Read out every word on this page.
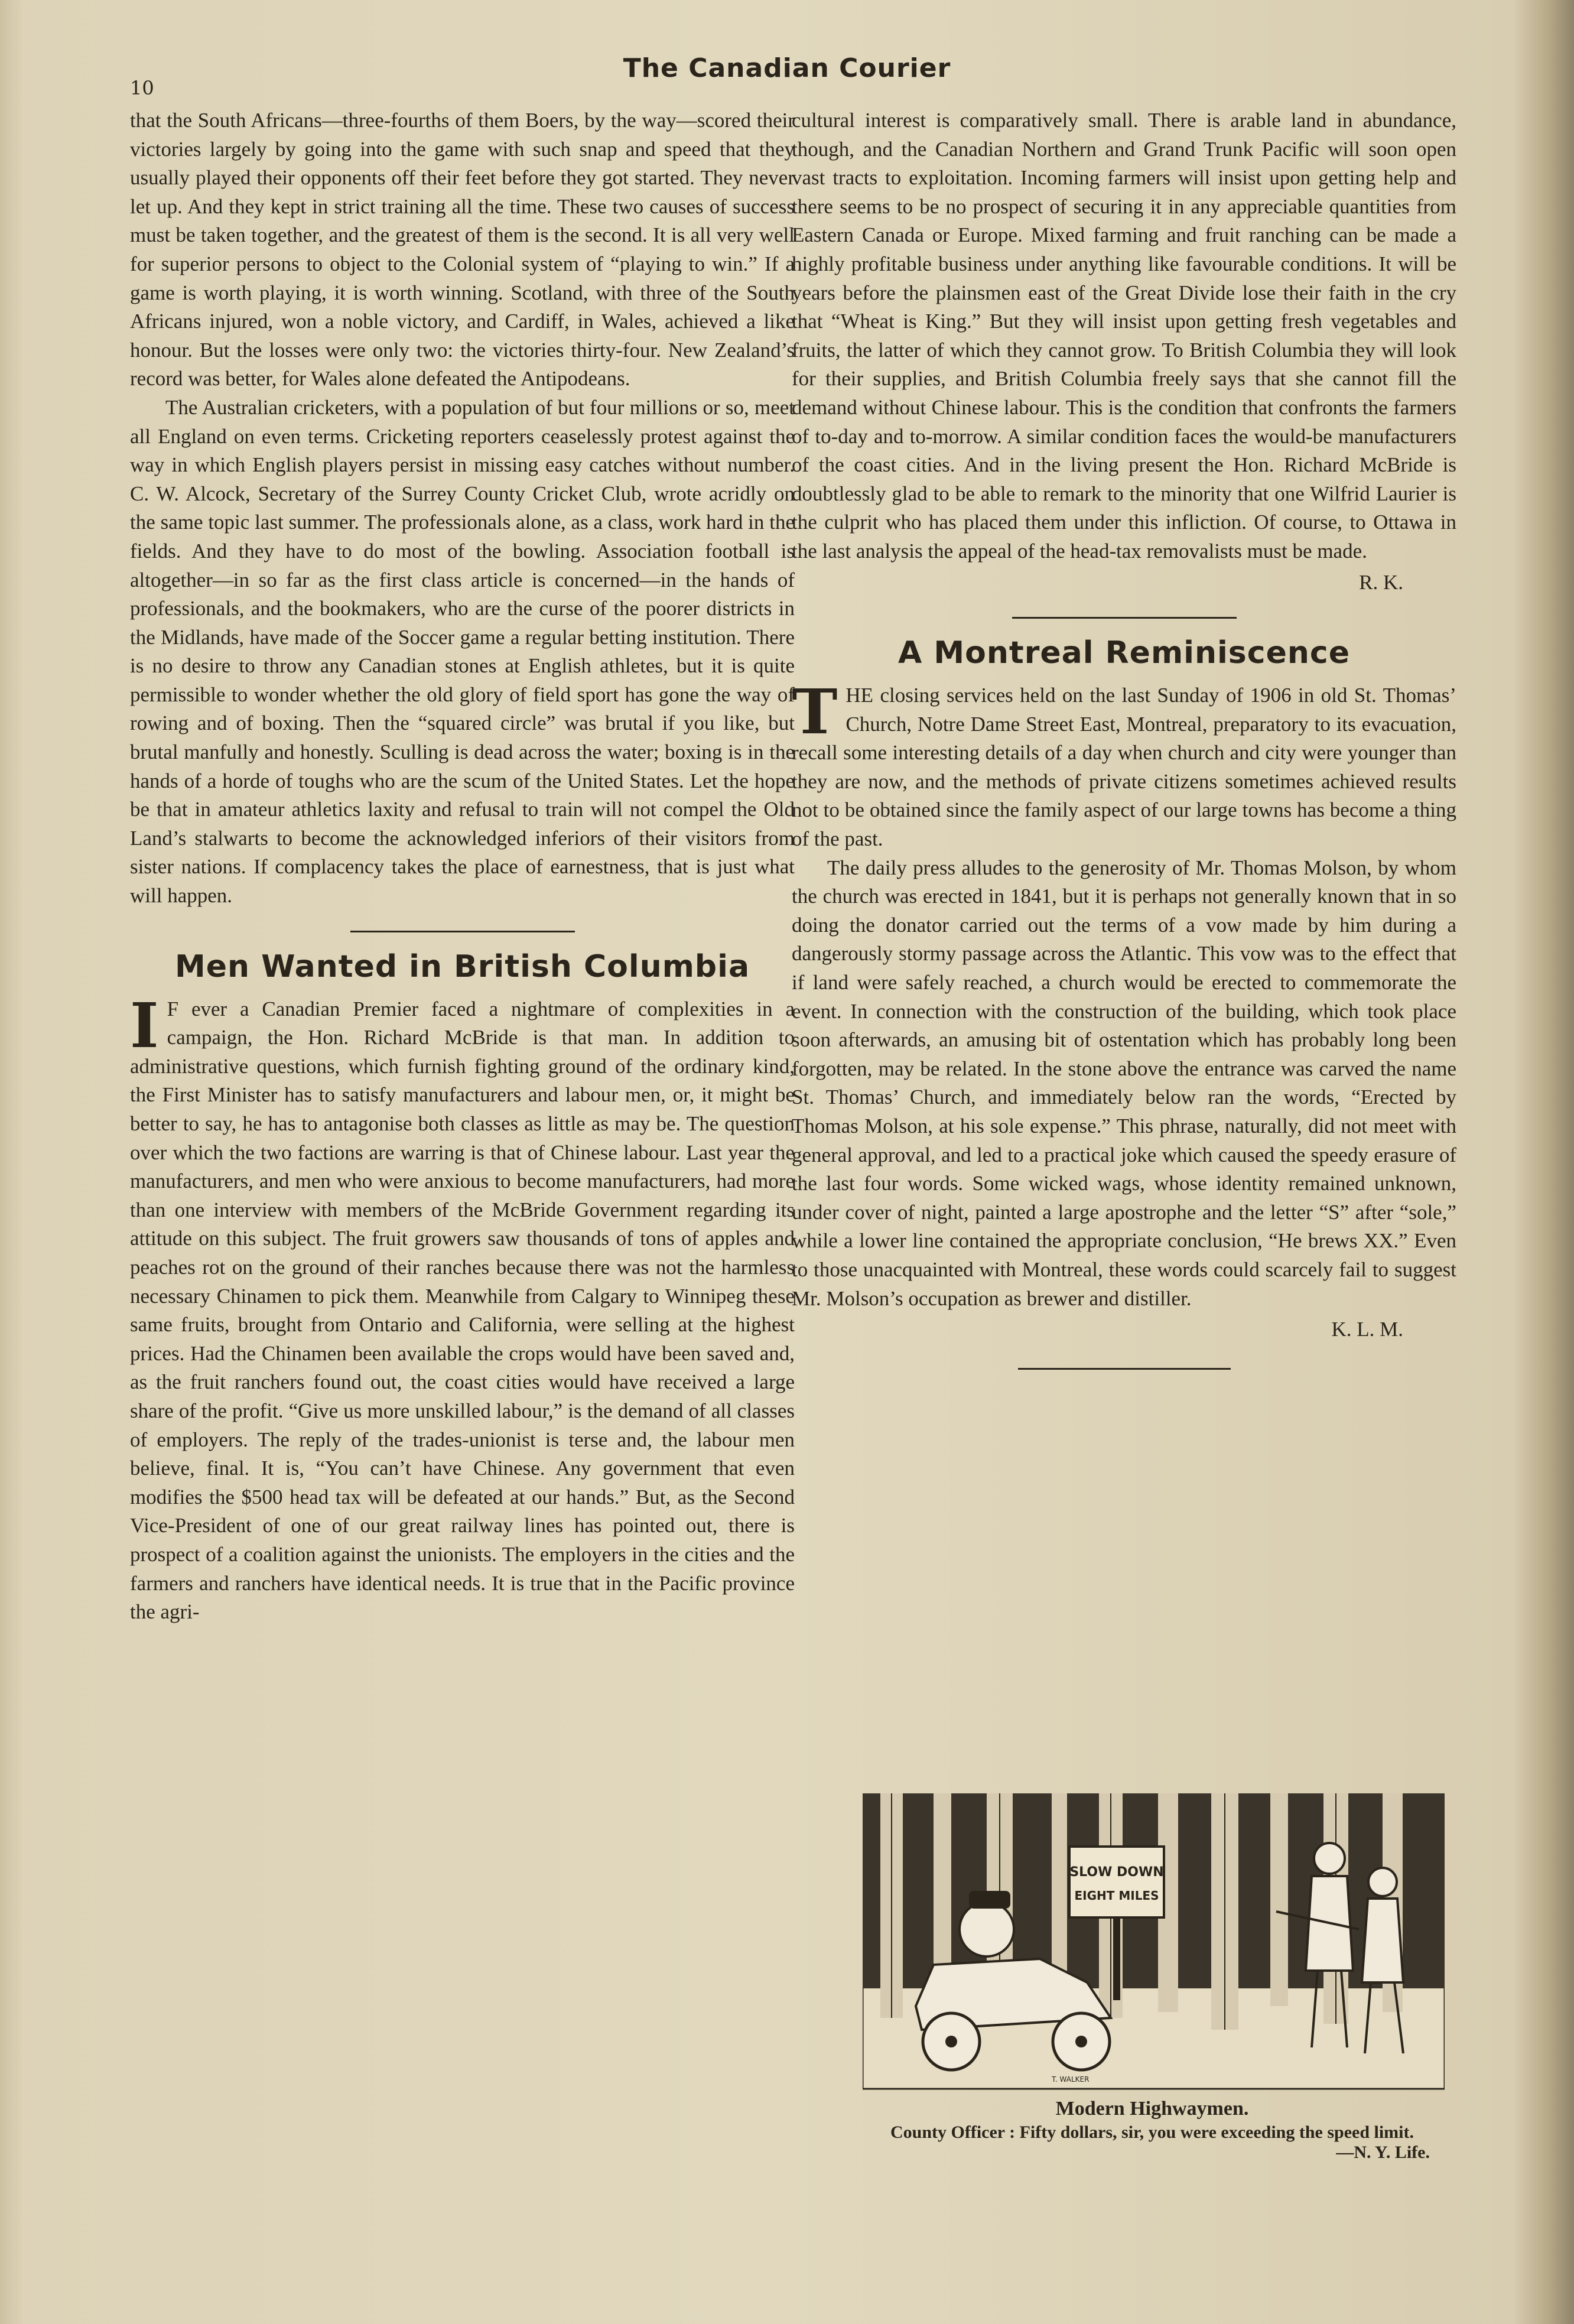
10
The Canadian Courier

that the South Africans—three-fourths of them Boers, by the way—scored their victories largely by going into the game with such snap and speed that they usually played their opponents off their feet before they got started. They never let up. And they kept in strict training all the time. These two causes of success must be taken together, and the greatest of them is the second. It is all very well for superior persons to object to the Colonial system of “playing to win.” If a game is worth playing, it is worth winning. Scotland, with three of the South Africans injured, won a noble victory, and Cardiff, in Wales, achieved a like honour. But the losses were only two: the victories thirty-four. New Zealand’s record was better, for Wales alone defeated the Antipodeans.

The Australian cricketers, with a population of but four millions or so, meet all England on even terms. Cricketing reporters ceaselessly protest against the way in which English players persist in missing easy catches without number. C. W. Alcock, Secretary of the Surrey County Cricket Club, wrote acridly on the same topic last summer. The professionals alone, as a class, work hard in the fields. And they have to do most of the bowling. Association football is altogether—in so far as the first class article is concerned—in the hands of professionals, and the bookmakers, who are the curse of the poorer districts in the Midlands, have made of the Soccer game a regular betting institution. There is no desire to throw any Canadian stones at English athletes, but it is quite permissible to wonder whether the old glory of field sport has gone the way of rowing and of boxing. Then the “squared circle” was brutal if you like, but brutal manfully and honestly. Sculling is dead across the water; boxing is in the hands of a horde of toughs who are the scum of the United States. Let the hope be that in amateur athletics laxity and refusal to train will not compel the Old Land’s stalwarts to become the acknowledged inferiors of their visitors from sister nations. If complacency takes the place of earnestness, that is just what will happen.

Men Wanted in British Columbia

I F ever a Canadian Premier faced a nightmare of complexities in a campaign, the Hon. Richard McBride is that man. In addition to administrative questions, which furnish fighting ground of the ordinary kind, the First Minister has to satisfy manufacturers and labour men, or, it might be better to say, he has to antagonise both classes as little as may be. The question over which the two factions are warring is that of Chinese labour. Last year the manufacturers, and men who were anxious to become manufacturers, had more than one interview with members of the McBride Government regarding its attitude on this subject. The fruit growers saw thousands of tons of apples and peaches rot on the ground of their ranches because there was not the harmless necessary Chinamen to pick them. Meanwhile from Calgary to Winnipeg these same fruits, brought from Ontario and California, were selling at the highest prices. Had the Chinamen been available the crops would have been saved and, as the fruit ranchers found out, the coast cities would have received a large share of the profit. “Give us more unskilled labour,” is the demand of all classes of employers. The reply of the trades-unionist is terse and, the labour men believe, final. It is, “You can’t have Chinese. Any government that even modifies the $500 head tax will be defeated at our hands.” But, as the Second Vice-President of one of our great railway lines has pointed out, there is prospect of a coalition against the unionists. The employers in the cities and the farmers and ranchers have identical needs. It is true that in the Pacific province the agri-

cultural interest is comparatively small. There is arable land in abundance, though, and the Canadian Northern and Grand Trunk Pacific will soon open vast tracts to exploitation. Incoming farmers will insist upon getting help and there seems to be no prospect of securing it in any appreciable quantities from Eastern Canada or Europe. Mixed farming and fruit ranching can be made a highly profitable business under anything like favourable conditions. It will be years before the plainsmen east of the Great Divide lose their faith in the cry that “Wheat is King.” But they will insist upon getting fresh vegetables and fruits, the latter of which they cannot grow. To British Columbia they will look for their supplies, and British Columbia freely says that she cannot fill the demand without Chinese labour. This is the condition that confronts the farmers of to-day and to-morrow. A similar condition faces the would-be manufacturers of the coast cities. And in the living present the Hon. Richard McBride is doubtlessly glad to be able to remark to the minority that one Wilfrid Laurier is the culprit who has placed them under this infliction. Of course, to Ottawa in the last analysis the appeal of the head-tax removalists must be made.

R. K.
A Montreal Reminiscence

THE closing services held on the last Sunday of 1906 in old St. Thomas’ Church, Notre Dame Street East, Montreal, preparatory to its evacuation, recall some interesting details of a day when church and city were younger than they are now, and the methods of private citizens sometimes achieved results not to be obtained since the family aspect of our large towns has become a thing of the past.

The daily press alludes to the generosity of Mr. Thomas Molson, by whom the church was erected in 1841, but it is perhaps not generally known that in so doing the donator carried out the terms of a vow made by him during a dangerously stormy passage across the Atlantic. This vow was to the effect that if land were safely reached, a church would be erected to commemorate the event. In connection with the construction of the building, which took place soon afterwards, an amusing bit of ostentation which has probably long been forgotten, may be related. In the stone above the entrance was carved the name St. Thomas’ Church, and immediately below ran the words, “Erected by Thomas Molson, at his sole expense.” This phrase, naturally, did not meet with general approval, and led to a practical joke which caused the speedy erasure of the last four words. Some wicked wags, whose identity remained unknown, under cover of night, painted a large apostrophe and the letter “S” after “sole,” while a lower line contained the appropriate conclusion, “He brews XX.” Even to those unacquainted with Montreal, these words could scarcely fail to suggest Mr. Molson’s occupation as brewer and distiller.

K. L. M.
SLOW DOWN
EIGHT MILES
T. WALKER
Modern Highwaymen.
County Officer : Fifty dollars, sir, you were exceeding the speed limit.
—N. Y. Life.
